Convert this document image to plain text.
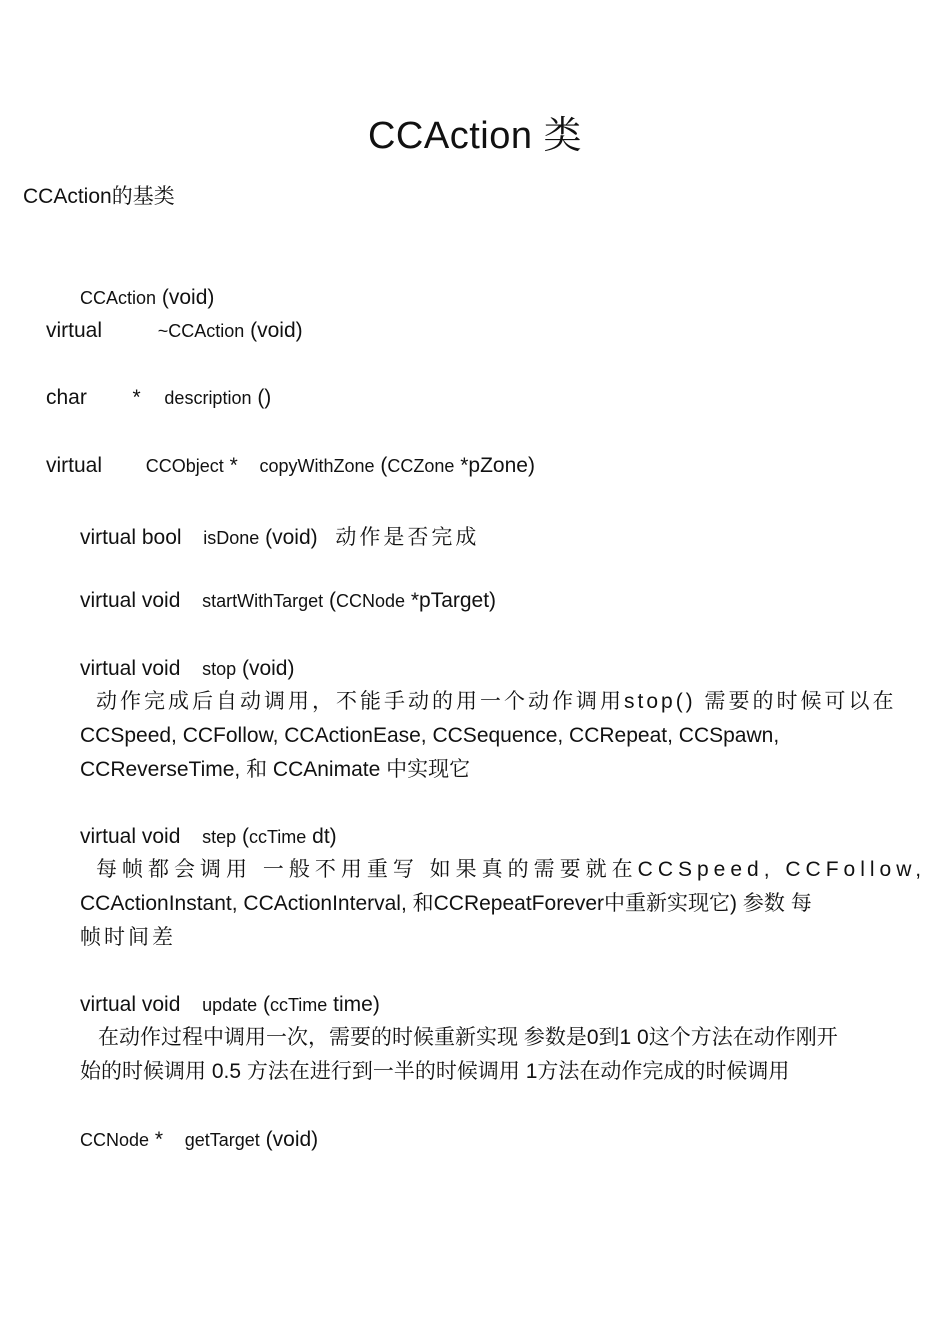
CCAction 类
CCAction的基类
CCAction (void)
virtual	~CCAction (void)
char * description ()
virtual CCObject * copyWithZone (CCZone *pZone)
virtual bool isDone (void) 动作是否完成
virtual void startWithTarget (CCNode *pTarget)
virtual void stop (void)
动作完成后自动调用，不能手动的用一个动作调用stop() 需要的时候可以在
CCSpeed, CCFollow, CCActionEase, CCSequence, CCRepeat, CCSpawn,
CCReverseTime, 和 CCAnimate 中实现它
virtual void step (ccTime dt)
每帧都会调用 一般不用重写 如果真的需要就在CCSpeed, CCFollow,
CCActionInstant, CCActionInterval, 和CCRepeatForever中重新实现它) 参数 每
帧时间差
virtual void update (ccTime time)
在动作过程中调用一次，需要的时候重新实现 参数是0到1 0这个方法在动作刚开
始的时候调用 0.5 方法在进行到一半的时候调用 1方法在动作完成的时候调用
CCNode * getTarget (void)
